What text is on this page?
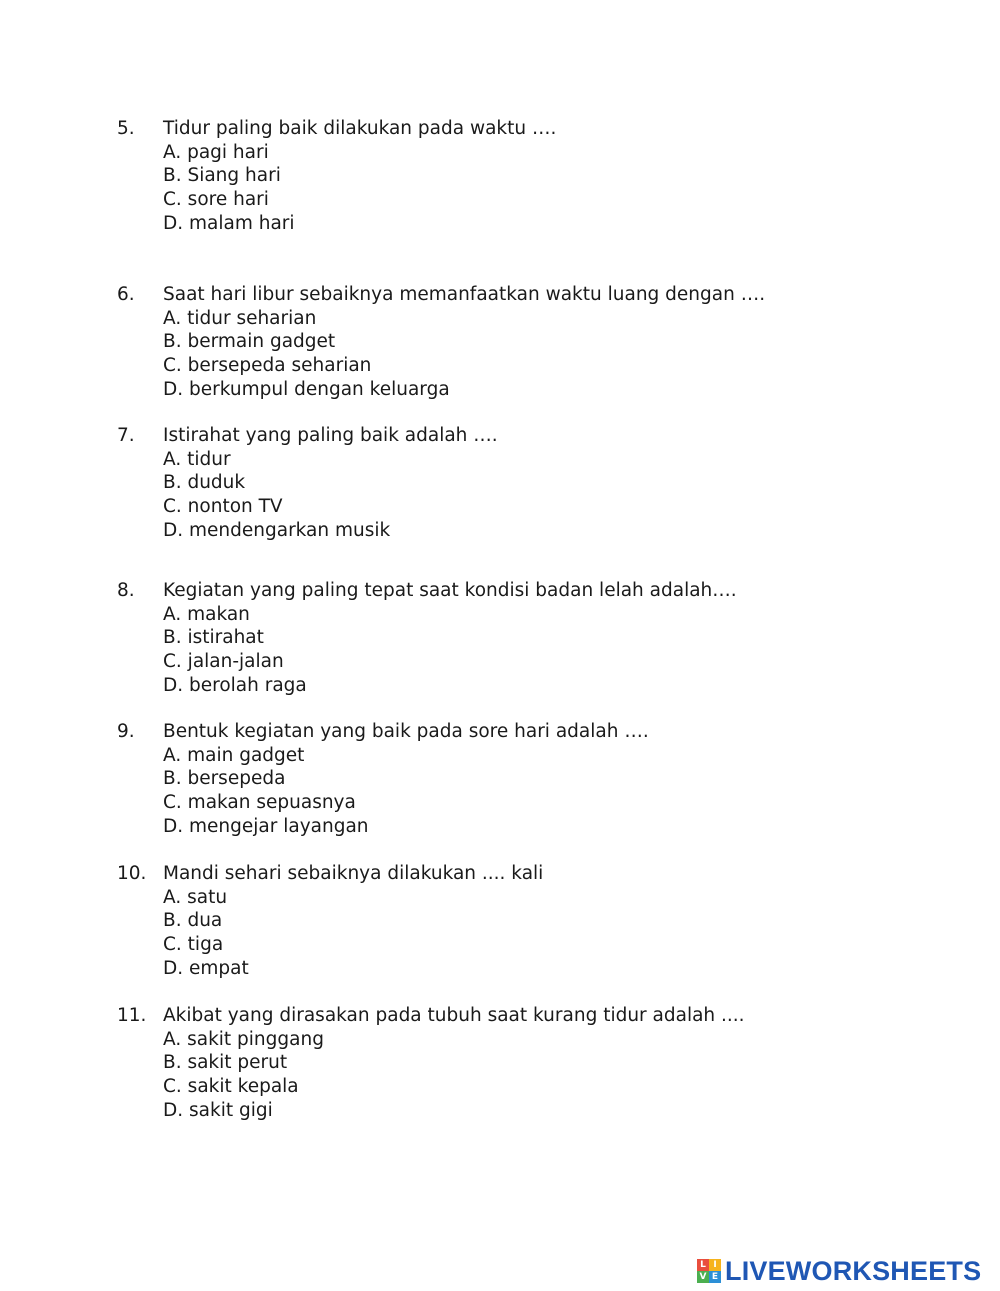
5.	Tidur paling baik dilakukan pada waktu ….
A. pagi hari
B. Siang hari
C. sore hari
D. malam hari
6.	Saat hari libur sebaiknya memanfaatkan waktu luang dengan ….
A. tidur seharian
B. bermain gadget
C. bersepeda seharian
D. berkumpul dengan keluarga
7.	Istirahat yang paling baik adalah ….
A. tidur
B. duduk
C. nonton TV
D. mendengarkan musik
8.	Kegiatan yang paling tepat saat kondisi badan lelah adalah….
A. makan
B. istirahat
C. jalan-jalan
D. berolah raga
9.	Bentuk kegiatan yang baik pada sore hari adalah ….
A. main gadget
B. bersepeda
C. makan sepuasnya
D. mengejar layangan
10. Mandi sehari sebaiknya dilakukan .... kali
A. satu
B. dua
C. tiga
D. empat
11. Akibat yang dirasakan pada tubuh saat kurang tidur adalah ....
A. sakit pinggang
B. sakit perut
C. sakit kepala
D. sakit gigi
L I
V E LIVEWORKSHEETS
